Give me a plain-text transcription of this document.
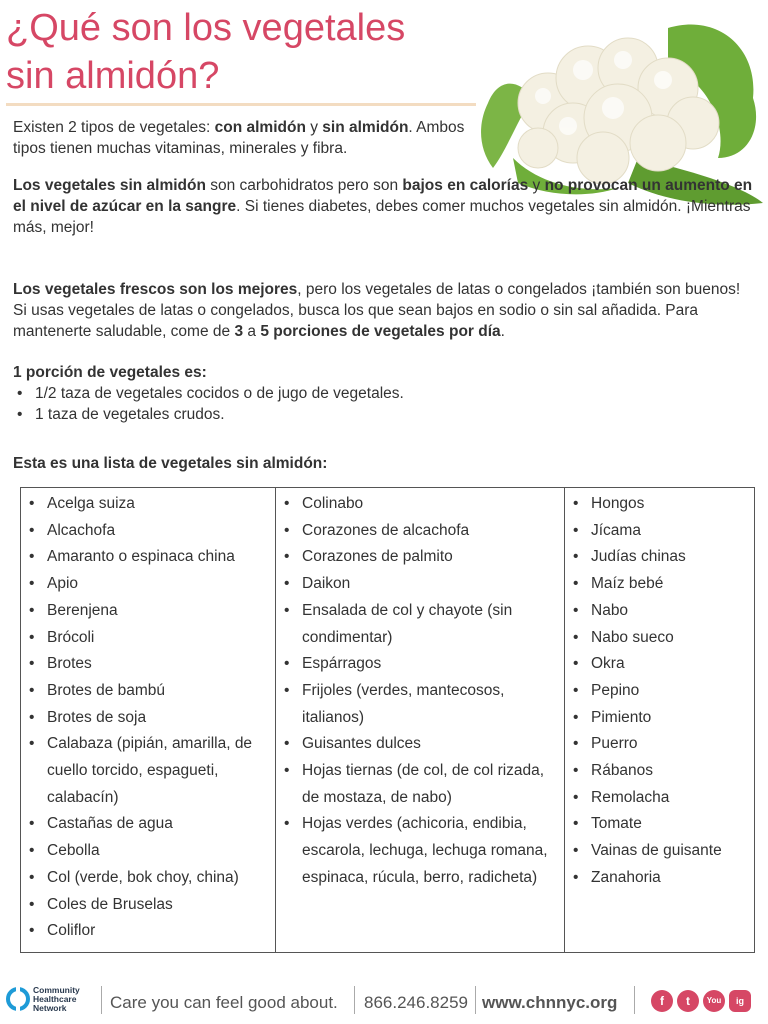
¿Qué son los vegetales
sin almidón?

Existen 2 tipos de vegetales: con almidón y sin almidón. Ambos tipos tienen muchas vitaminas, minerales y fibra.

Los vegetales sin almidón son carbohidratos pero son bajos en calorías y no provocan un aumento en el nivel de azúcar en la sangre. Si tienes diabetes, debes comer muchos vegetales sin almidón. ¡Mientras más, mejor!

Los vegetales frescos son los mejores, pero los vegetales de latas o congelados ¡también son buenos! Si usas vegetales de latas o congelados, busca los que sean bajos en sodio o sin sal añadida. Para mantenerte saludable, come de 3 a 5 porciones de vegetales por día.

1 porción de vegetales es:
• 1/2 taza de vegetales cocidos o de jugo de vegetales.
• 1 taza de vegetales crudos.
Esta es una lista de vegetales sin almidón:
• Acelga suiza
• Alcachofa
• Amaranto o espinaca china
• Apio
• Berenjena
• Brócoli
• Brotes
• Brotes de bambú
• Brotes de soja
• Calabaza (pipián, amarilla, de cuello torcido, espagueti, calabacín)
• Castañas de agua
• Cebolla
• Col (verde, bok choy, china)
• Coles de Bruselas
• Coliflor
• Colinabo
• Corazones de alcachofa
• Corazones de palmito
• Daikon
• Ensalada de col y chayote (sin condimentar)
• Espárragos
• Frijoles (verdes, mantecosos, italianos)
• Guisantes dulces
• Hojas tiernas (de col, de col rizada, de mostaza, de nabo)
• Hojas verdes (achicoria, endibia, escarola, lechuga, lechuga romana, espinaca, rúcula, berro, radicheta)
• Hongos
• Jícama
• Judías chinas
• Maíz bebé
• Nabo
• Nabo sueco
• Okra
• Pepino
• Pimiento
• Puerro
• Rábanos
• Remolacha
• Tomate
• Vainas de guisante
• Zanahoria
Community
Healthcare
Network	Care you can feel good about. 866.246.8259 www.chnnyc.org	f	t	You	ig
